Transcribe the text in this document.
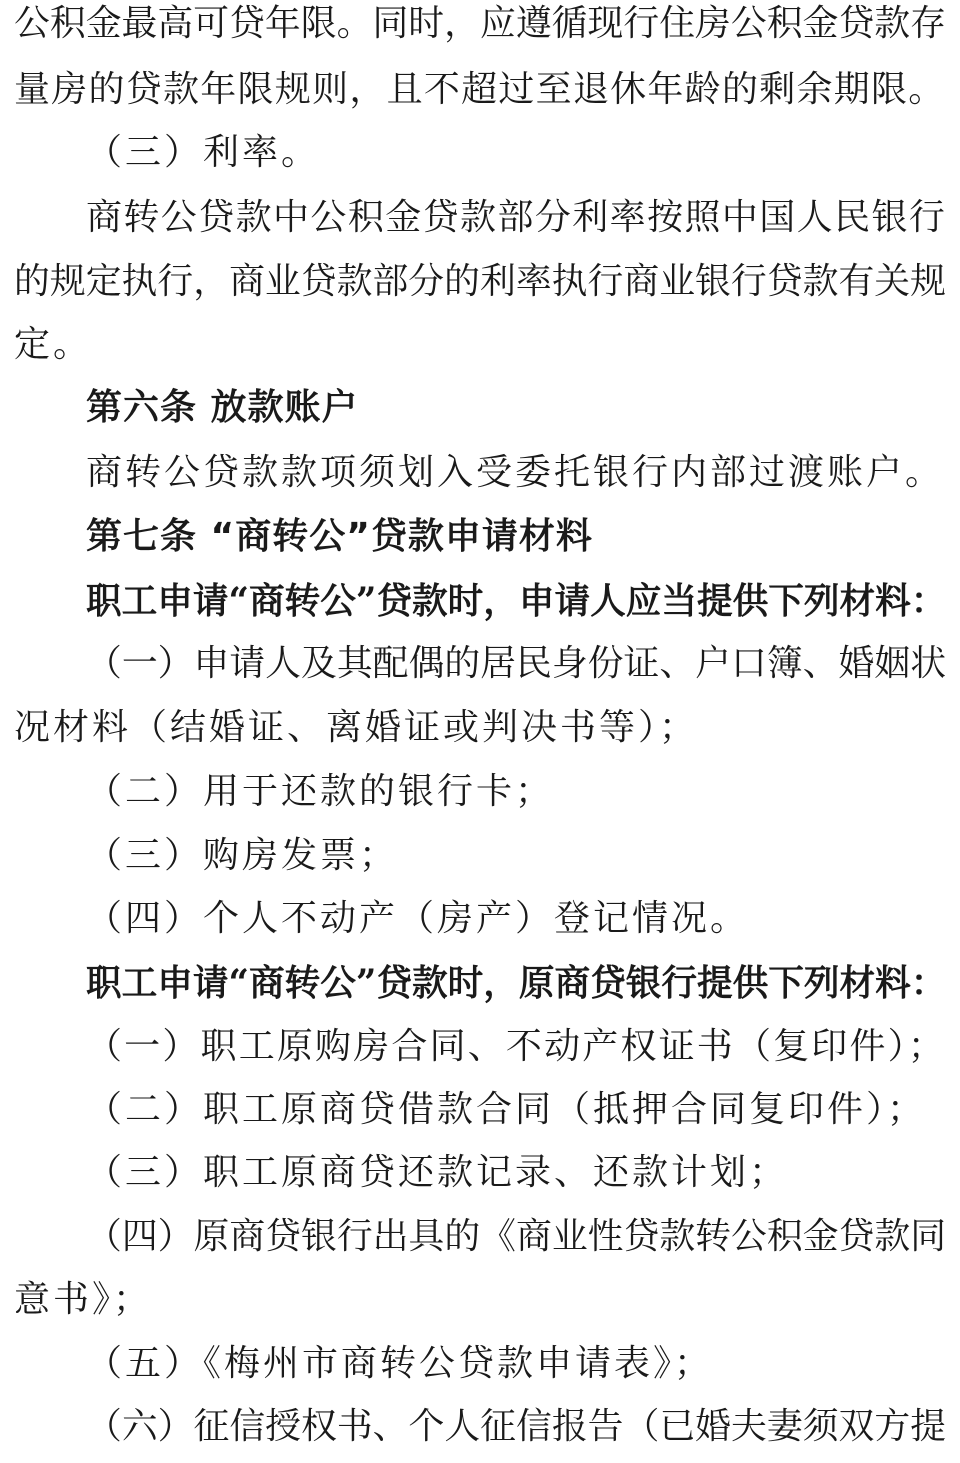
公积金最高可贷年限。同时，应遵循现行住房公积金贷款存
量房的贷款年限规则，且不超过至退休年龄的剩余期限。
（三）利率。
商转公贷款中公积金贷款部分利率按照中国人民银行
的规定执行，商业贷款部分的利率执行商业银行贷款有关规
定。
第六条 放款账户
商转公贷款款项须划入受委托银行内部过渡账户。
第七条 “商转公”贷款申请材料
职工申请“商转公”贷款时，申请人应当提供下列材料：
（一）申请人及其配偶的居民身份证、户口簿、婚姻状
况材料（结婚证、离婚证或判决书等）；
（二）用于还款的银行卡；
（三）购房发票；
（四）个人不动产（房产）登记情况。
职工申请“商转公”贷款时，原商贷银行提供下列材料：
（一）职工原购房合同、不动产权证书（复印件）；
（二）职工原商贷借款合同（抵押合同复印件）；
（三）职工原商贷还款记录、还款计划；
（四）原商贷银行出具的《商业性贷款转公积金贷款同
意书》；
（五）《梅州市商转公贷款申请表》；
（六）征信授权书、个人征信报告（已婚夫妻须双方提
